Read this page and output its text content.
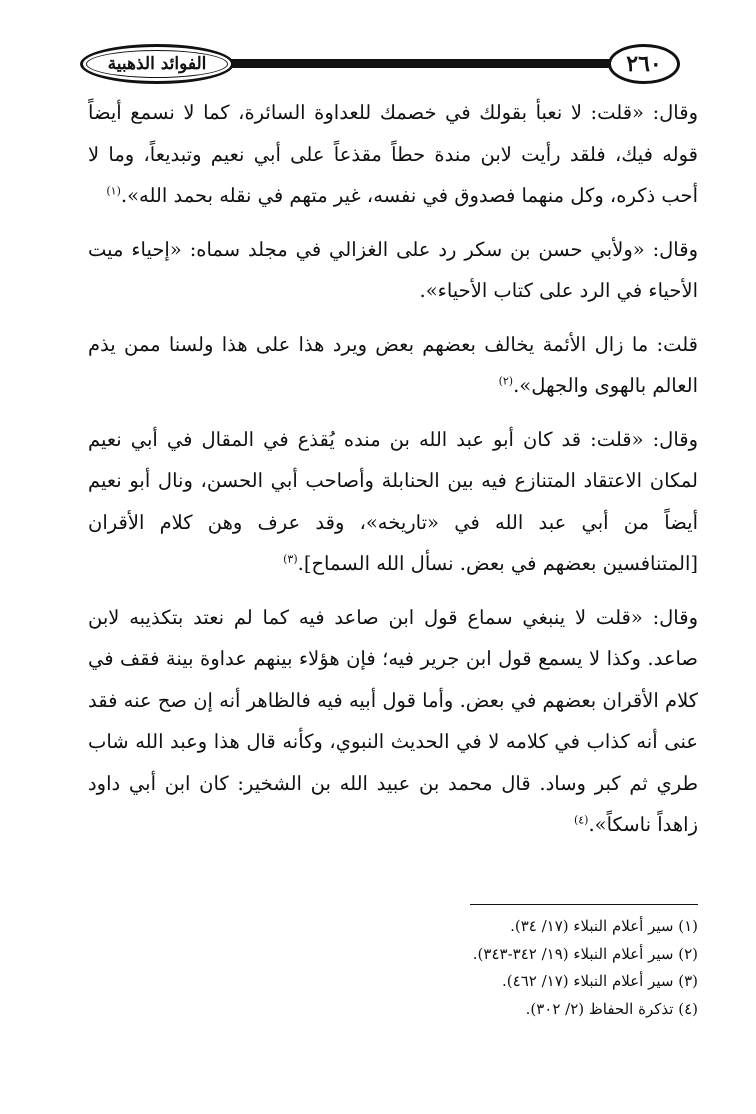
الفوائد الذهبية	٢٦٠

وقال: «قلت: لا نعبأ بقولك في خصمك للعداوة السائرة، كما لا نسمع أيضاً قوله فيك، فلقد رأيت لابن مندة حطاً مقذعاً على أبي نعيم وتبديعاً، وما لا أحب ذكره، وكل منهما فصدوق في نفسه، غير متهم في نقله بحمد الله».$^{(١)}$

وقال: «ولأبي حسن بن سكر رد على الغزالي في مجلد سماه: «إحياء ميت الأحياء في الرد على كتاب الأحياء».

قلت: ما زال الأئمة يخالف بعضهم بعض ويرد هذا على هذا ولسنا ممن يذم العالم بالهوى والجهل».$^{(٢)}$

وقال: «قلت: قد كان أبو عبد الله بن منده يُقذع في المقال في أبي نعيم لمكان الاعتقاد المتنازع فيه بين الحنابلة وأصاحب أبي الحسن، ونال أبو نعيم أيضاً من أبي عبد الله في «تاريخه»، وقد عرف وهن كلام الأقران [المتنافسين بعضهم في بعض. نسأل الله السماح].$^{(٣)}$

وقال: «قلت لا ينبغي سماع قول ابن صاعد فيه كما لم نعتد بتكذيبه لابن صاعد. وكذا لا يسمع قول ابن جرير فيه؛ فإن هؤلاء بينهم عداوة بينة فقف في كلام الأقران بعضهم في بعض. وأما قول أبيه فيه فالظاهر أنه إن صح عنه فقد عنى أنه كذاب في كلامه لا في الحديث النبوي، وكأنه قال هذا وعبد الله شاب طري ثم كبر وساد. قال محمد بن عبيد الله بن الشخير: كان ابن أبي داود زاهداً ناسكاً».$^{(٤)}$

(١) سير أعلام النبلاء (١٧/ ٣٤).

(٢) سير أعلام النبلاء (١٩/ ٣٤٢-٣٤٣).

(٣) سير أعلام النبلاء (١٧/ ٤٦٢).

(٤) تذكرة الحفاظ (٢/ ٣٠٢).
